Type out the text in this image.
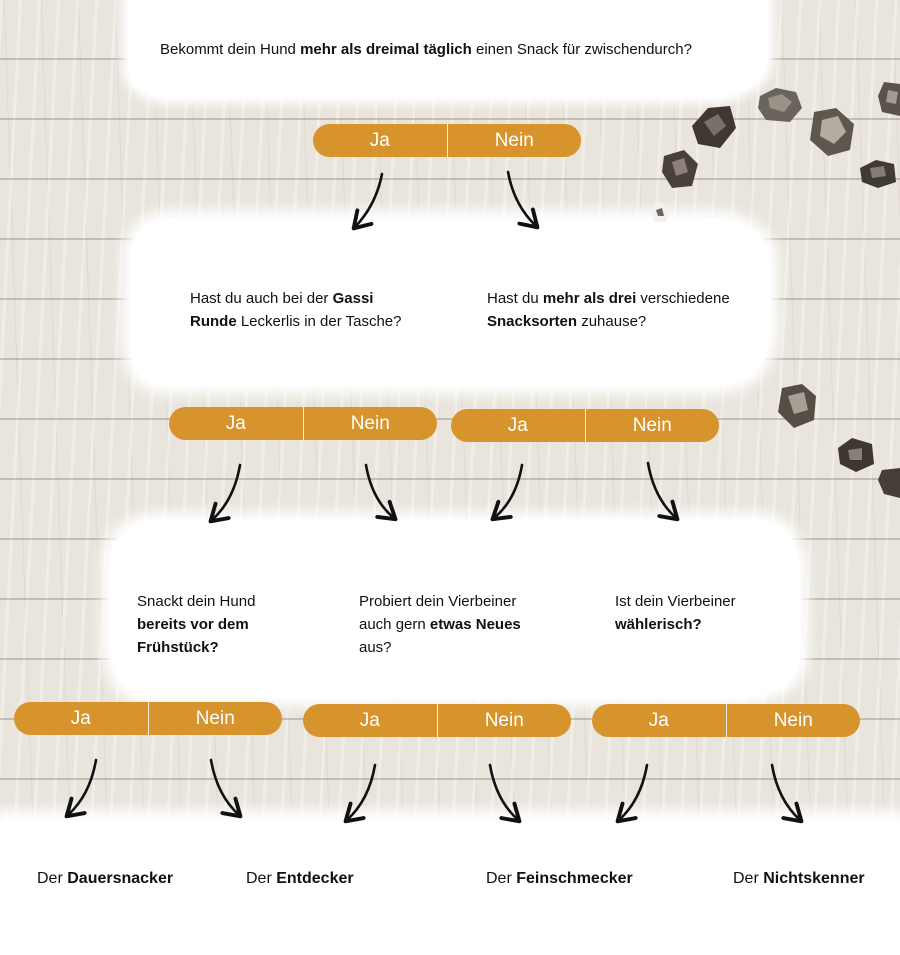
Bekommt dein Hund mehr als dreimal täglich einen Snack für zwischendurch?

Hast du auch bei der Gassi Runde Leckerlis in der Tasche?

Hast du mehr als drei verschiedene Snacksorten zuhause?

Snackt dein Hund bereits vor dem Frühstück?

Probiert dein Vierbeiner auch gern etwas Neues aus?

Ist dein Vierbeiner wählerisch?

Ja	Nein
Ja	Nein	Ja	Nein
Ja	Nein	Ja	Nein	Ja	Nein
Der Dauersnacker	Der Entdecker	Der Feinschmecker	Der Nichtskenner
